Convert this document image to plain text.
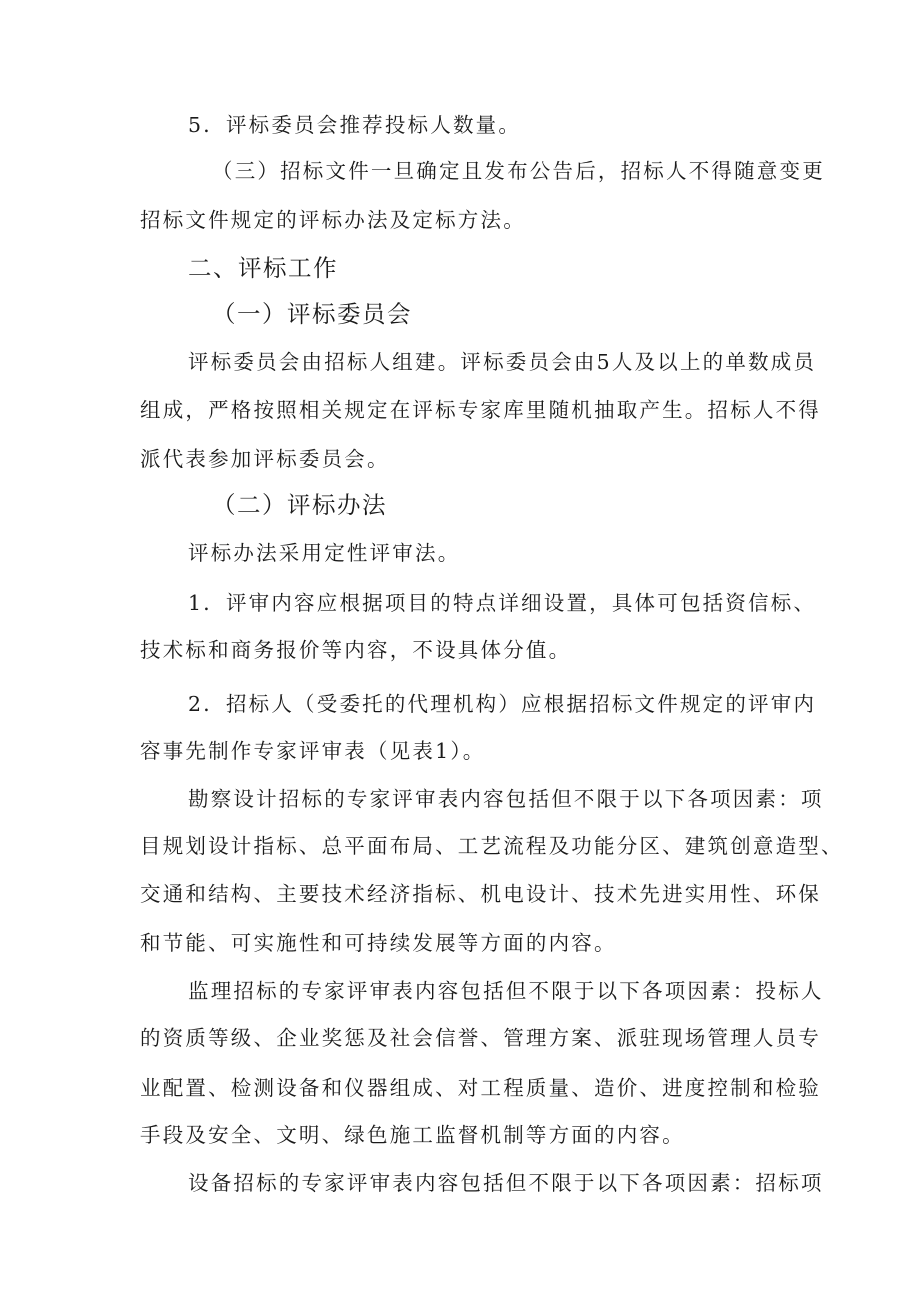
5．评标委员会推荐投标人数量。
（三）招标文件一旦确定且发布公告后，招标人不得随意变更
招标文件规定的评标办法及定标方法。
二、评标工作
（一）评标委员会
评标委员会由招标人组建。评标委员会由5人及以上的单数成员
组成，严格按照相关规定在评标专家库里随机抽取产生。招标人不得
派代表参加评标委员会。
（二）评标办法
评标办法采用定性评审法。
1．评审内容应根据项目的特点详细设置，具体可包括资信标、
技术标和商务报价等内容，不设具体分值。
2．招标人（受委托的代理机构）应根据招标文件规定的评审内
容事先制作专家评审表（见表1）。
勘察设计招标的专家评审表内容包括但不限于以下各项因素：项
目规划设计指标、总平面布局、工艺流程及功能分区、建筑创意造型、
交通和结构、主要技术经济指标、机电设计、技术先进实用性、环保
和节能、可实施性和可持续发展等方面的内容。
监理招标的专家评审表内容包括但不限于以下各项因素：投标人
的资质等级、企业奖惩及社会信誉、管理方案、派驻现场管理人员专
业配置、检测设备和仪器组成、对工程质量、造价、进度控制和检验
手段及安全、文明、绿色施工监督机制等方面的内容。
设备招标的专家评审表内容包括但不限于以下各项因素：招标项
